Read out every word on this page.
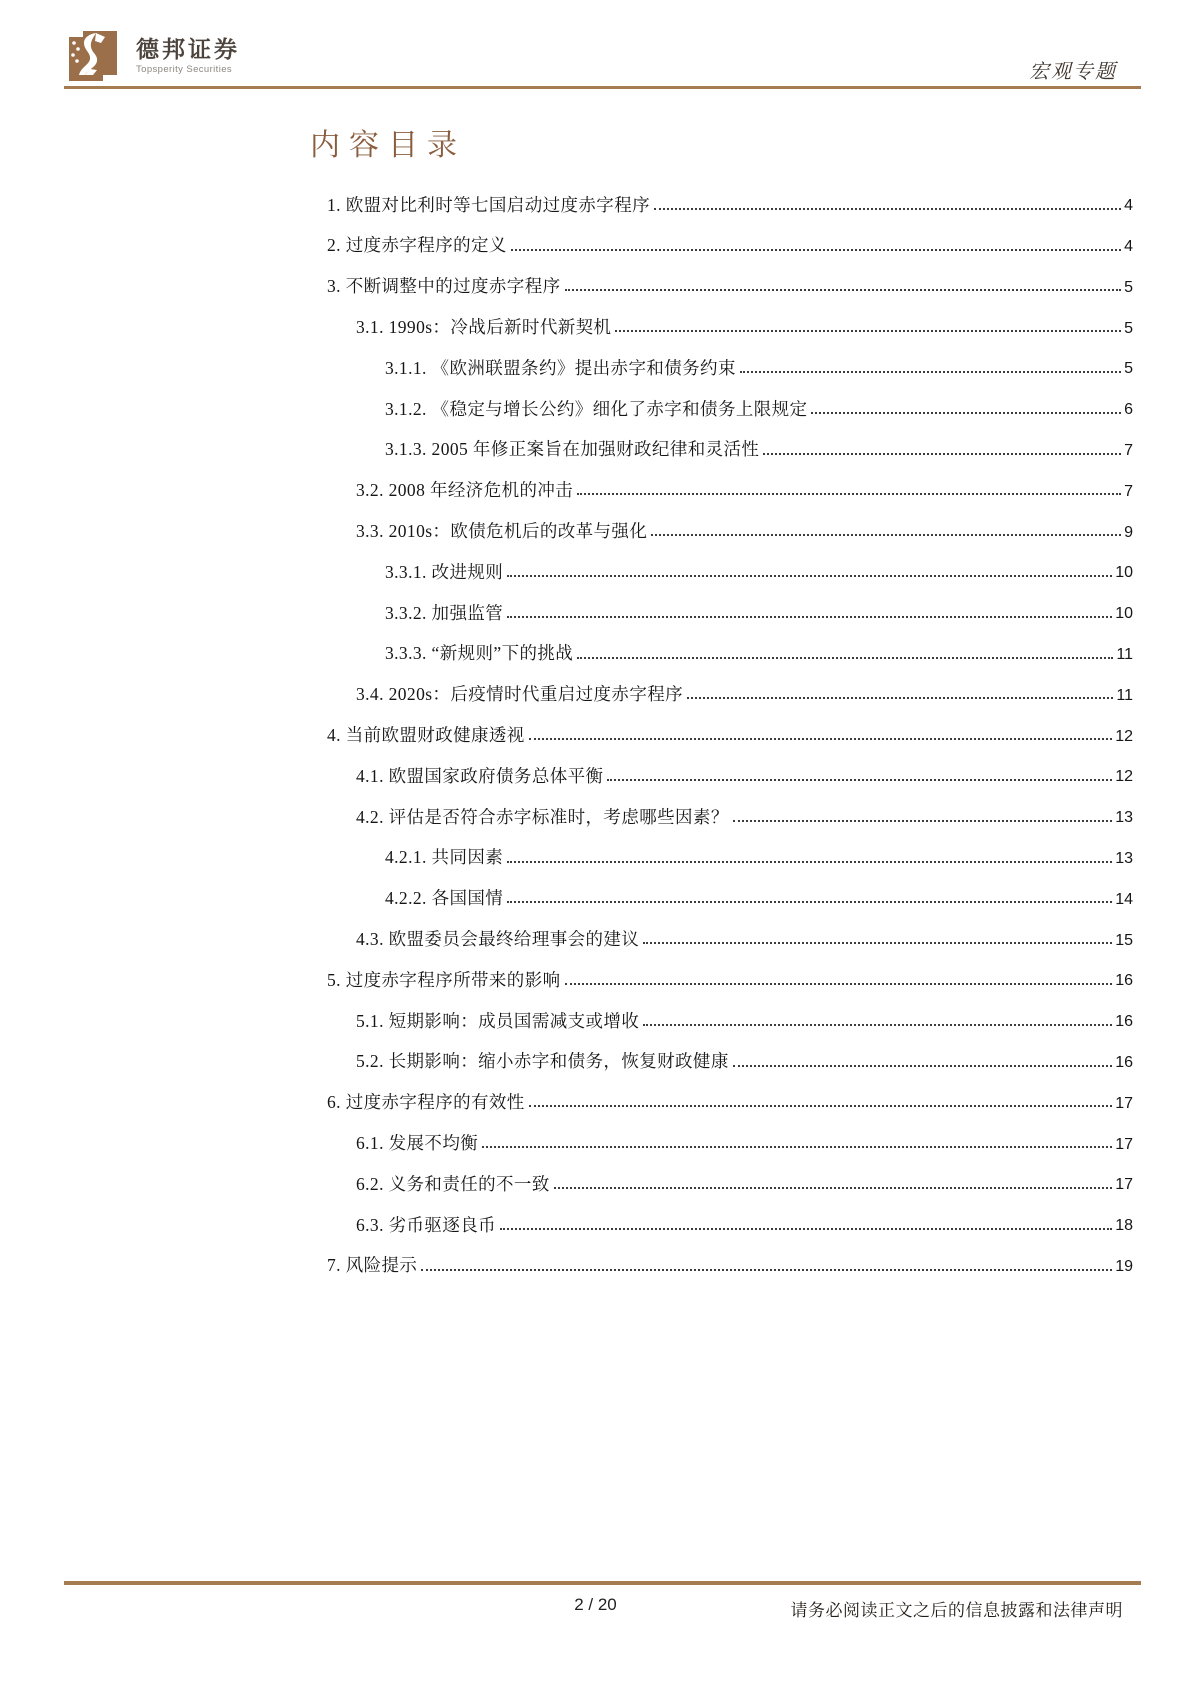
德邦证券
Topsperity Securities	宏观专题
内容目录
1. 欧盟对比利时等七国启动过度赤字程序	4
2. 过度赤字程序的定义	4
3. 不断调整中的过度赤字程序	5
3.1. 1990s：冷战后新时代新契机	5
3.1.1. 《欧洲联盟条约》提出赤字和债务约束	5
3.1.2. 《稳定与增长公约》细化了赤字和债务上限规定	6
3.1.3. 2005 年修正案旨在加强财政纪律和灵活性	7
3.2. 2008 年经济危机的冲击	7
3.3. 2010s：欧债危机后的改革与强化	9
3.3.1. 改进规则	10
3.3.2. 加强监管	10
3.3.3. “新规则”下的挑战	11
3.4. 2020s：后疫情时代重启过度赤字程序	11
4. 当前欧盟财政健康透视	12
4.1. 欧盟国家政府债务总体平衡	12
4.2. 评估是否符合赤字标准时，考虑哪些因素？	13
4.2.1. 共同因素	13
4.2.2. 各国国情	14
4.3. 欧盟委员会最终给理事会的建议	15
5. 过度赤字程序所带来的影响	16
5.1. 短期影响：成员国需减支或增收	16
5.2. 长期影响：缩小赤字和债务，恢复财政健康	16
6. 过度赤字程序的有效性	17
6.1. 发展不均衡	17
6.2. 义务和责任的不一致	17
6.3. 劣币驱逐良币	18
7. 风险提示	19
2 / 20	请务必阅读正文之后的信息披露和法律声明
